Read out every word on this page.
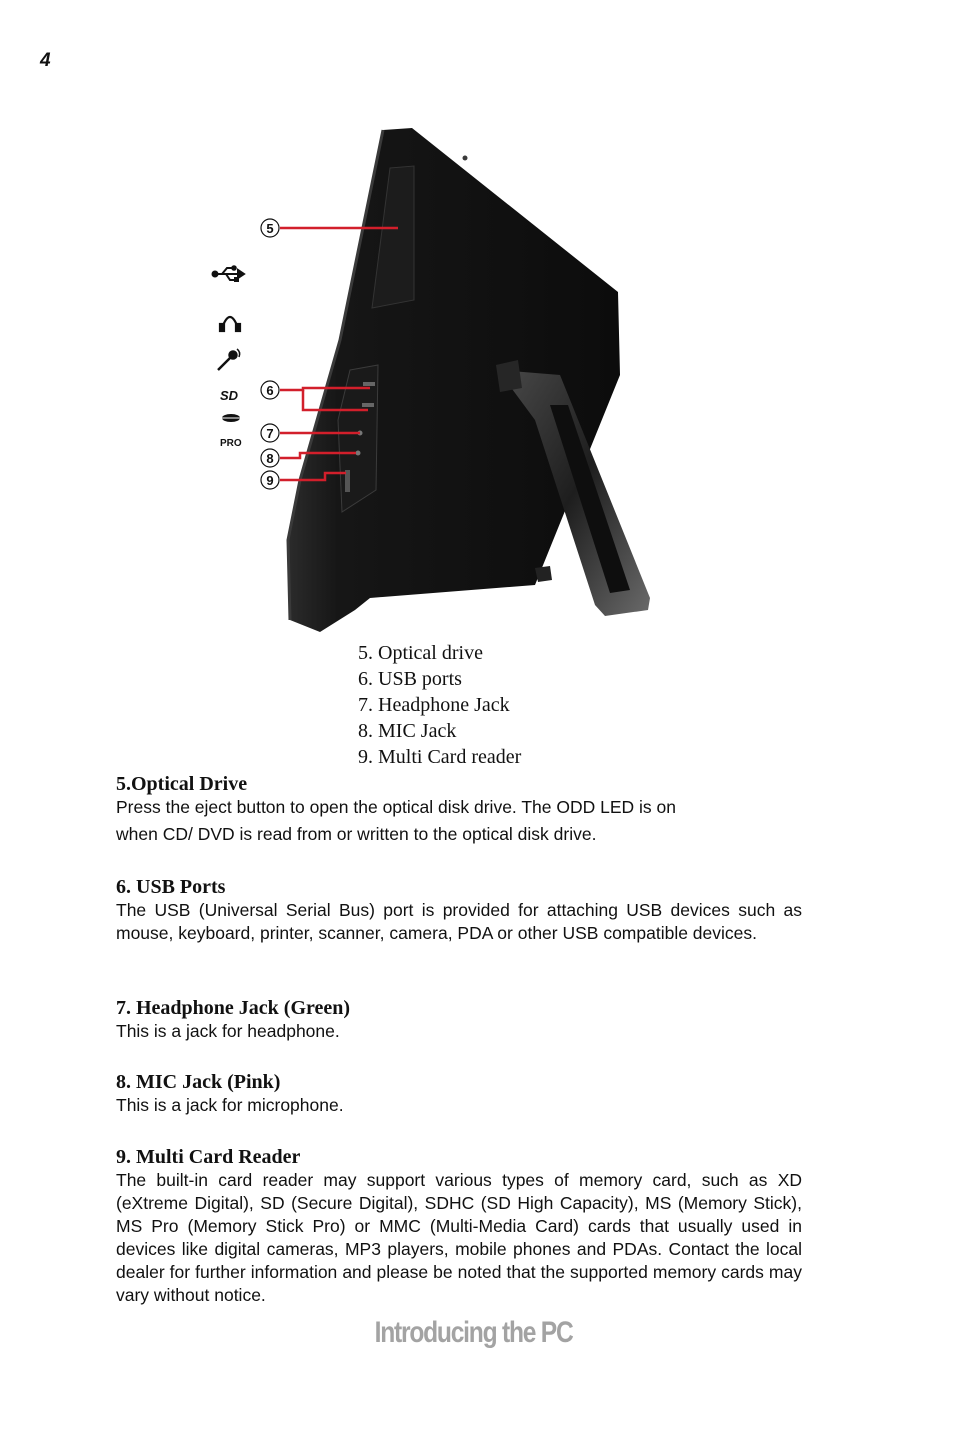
4
5
6
7
8
9
SD
PRO
5. Optical drive
6. USB ports
7. Headphone Jack
8. MIC Jack
9. Multi Card reader
5.Optical Drive

Press the eject button to open the optical disk drive. The ODD LED is on

when CD/ DVD is read from or written to the optical disk drive.

6. USB Ports

The USB (Universal Serial Bus) port is provided for attaching USB devices such as mouse, keyboard, printer, scanner, camera, PDA or other USB compatible devices.

7. Headphone Jack (Green)

This is a jack for headphone.

8. MIC Jack (Pink)

This is a jack for microphone.

9. Multi Card Reader

The built-in card reader may support various types of memory card, such as XD (eXtreme Digital), SD (Secure Digital), SDHC (SD High Capacity), MS (Memory Stick), MS Pro (Memory Stick Pro) or MMC (Multi-Media Card) cards that usually used in devices like digital cameras, MP3 players, mobile phones and PDAs. Contact the local dealer for further information and please be noted that the supported memory cards may vary without notice.

Introducing the PC
